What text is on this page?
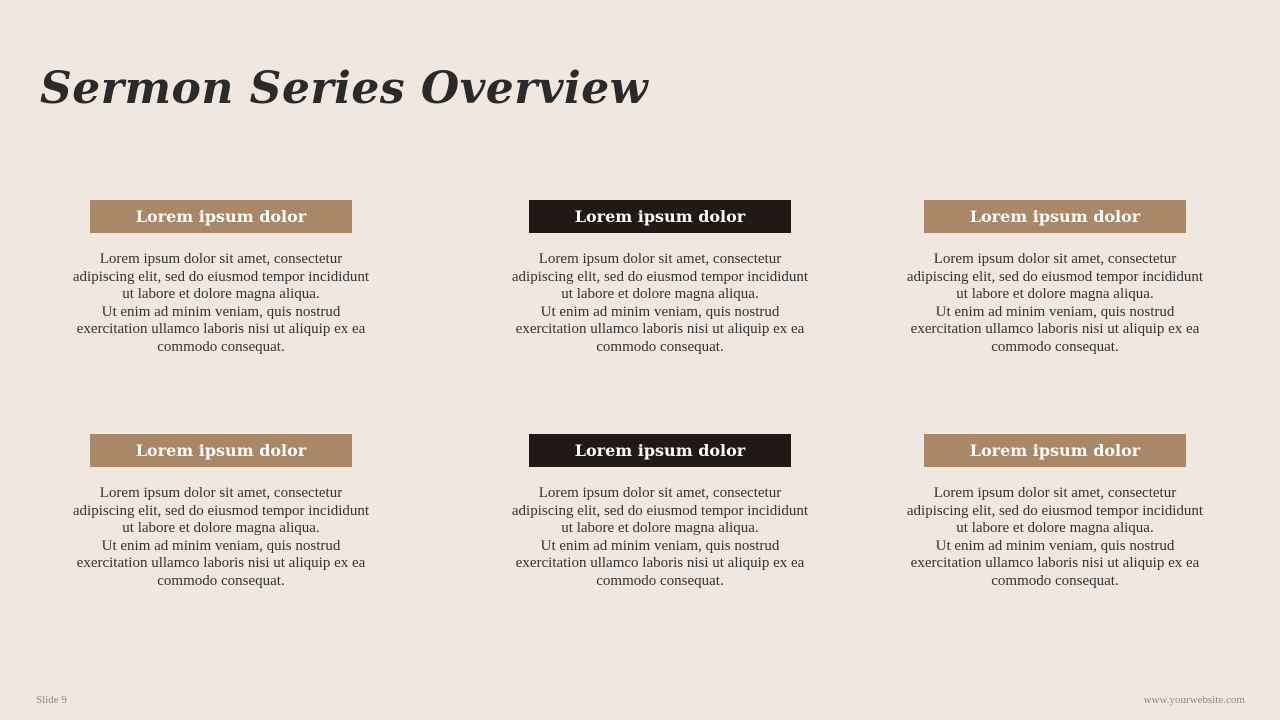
Sermon Series Overview
Lorem ipsum dolor
Lorem ipsum dolor sit amet, consectetur
adipiscing elit, sed do eiusmod tempor incididunt
ut labore et dolore magna aliqua.
Ut enim ad minim veniam, quis nostrud
exercitation ullamco laboris nisi ut aliquip ex ea
commodo consequat.
Lorem ipsum dolor
Lorem ipsum dolor sit amet, consectetur
adipiscing elit, sed do eiusmod tempor incididunt
ut labore et dolore magna aliqua.
Ut enim ad minim veniam, quis nostrud
exercitation ullamco laboris nisi ut aliquip ex ea
commodo consequat.
Lorem ipsum dolor
Lorem ipsum dolor sit amet, consectetur
adipiscing elit, sed do eiusmod tempor incididunt
ut labore et dolore magna aliqua.
Ut enim ad minim veniam, quis nostrud
exercitation ullamco laboris nisi ut aliquip ex ea
commodo consequat.
Lorem ipsum dolor
Lorem ipsum dolor sit amet, consectetur
adipiscing elit, sed do eiusmod tempor incididunt
ut labore et dolore magna aliqua.
Ut enim ad minim veniam, quis nostrud
exercitation ullamco laboris nisi ut aliquip ex ea
commodo consequat.
Lorem ipsum dolor
Lorem ipsum dolor sit amet, consectetur
adipiscing elit, sed do eiusmod tempor incididunt
ut labore et dolore magna aliqua.
Ut enim ad minim veniam, quis nostrud
exercitation ullamco laboris nisi ut aliquip ex ea
commodo consequat.
Lorem ipsum dolor
Lorem ipsum dolor sit amet, consectetur
adipiscing elit, sed do eiusmod tempor incididunt
ut labore et dolore magna aliqua.
Ut enim ad minim veniam, quis nostrud
exercitation ullamco laboris nisi ut aliquip ex ea
commodo consequat.
Slide 9	www.yourwebsite.com
